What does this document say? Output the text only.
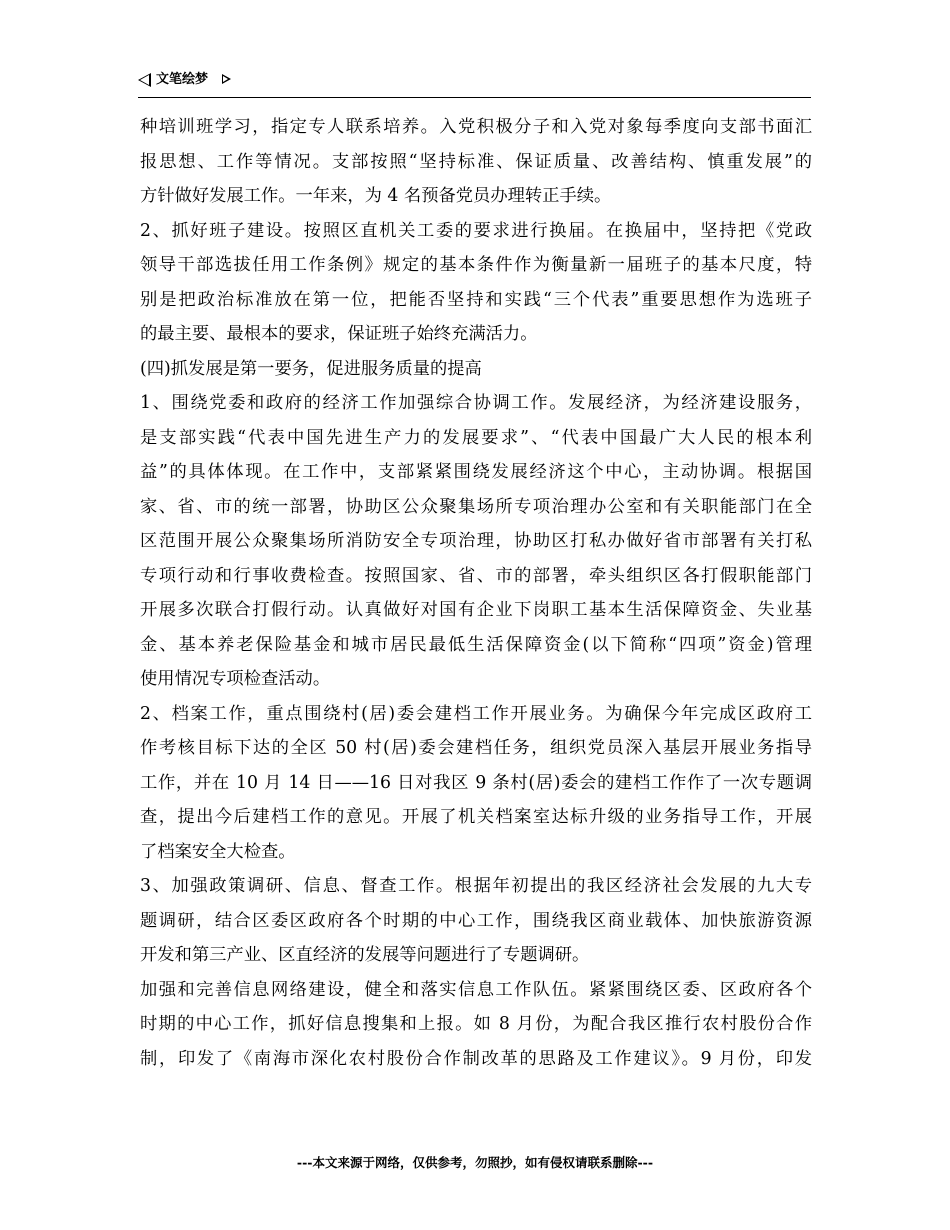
文笔绘梦
种培训班学习，指定专人联系培养。入党积极分子和入党对象每季度向支部书面汇
报思想、工作等情况。支部按照“坚持标准、保证质量、改善结构、慎重发展”的
方针做好发展工作。一年来，为 4 名预备党员办理转正手续。
2、抓好班子建设。按照区直机关工委的要求进行换届。在换届中，坚持把《党政
领导干部选拔任用工作条例》规定的基本条件作为衡量新一届班子的基本尺度，特
别是把政治标准放在第一位，把能否坚持和实践“三个代表”重要思想作为选班子
的最主要、最根本的要求，保证班子始终充满活力。
(四)抓发展是第一要务，促进服务质量的提高
1、围绕党委和政府的经济工作加强综合协调工作。发展经济，为经济建设服务，
是支部实践“代表中国先进生产力的发展要求”、“代表中国最广大人民的根本利
益”的具体体现。在工作中，支部紧紧围绕发展经济这个中心，主动协调。根据国
家、省、市的统一部署，协助区公众聚集场所专项治理办公室和有关职能部门在全
区范围开展公众聚集场所消防安全专项治理，协助区打私办做好省市部署有关打私
专项行动和行事收费检查。按照国家、省、市的部署，牵头组织区各打假职能部门
开展多次联合打假行动。认真做好对国有企业下岗职工基本生活保障资金、失业基
金、基本养老保险基金和城市居民最低生活保障资金(以下简称“四项”资金)管理
使用情况专项检查活动。
2、档案工作，重点围绕村(居)委会建档工作开展业务。为确保今年完成区政府工
作考核目标下达的全区 50 村(居)委会建档任务，组织党员深入基层开展业务指导
工作，并在 10 月 14 日——16 日对我区 9 条村(居)委会的建档工作作了一次专题调
查，提出今后建档工作的意见。开展了机关档案室达标升级的业务指导工作，开展
了档案安全大检查。
3、加强政策调研、信息、督查工作。根据年初提出的我区经济社会发展的九大专
题调研，结合区委区政府各个时期的中心工作，围绕我区商业载体、加快旅游资源
开发和第三产业、区直经济的发展等问题进行了专题调研。
加强和完善信息网络建设，健全和落实信息工作队伍。紧紧围绕区委、区政府各个
时期的中心工作，抓好信息搜集和上报。如 8 月份，为配合我区推行农村股份合作
制，印发了《南海市深化农村股份合作制改革的思路及工作建议》。9 月份，印发
---本文来源于网络，仅供参考，勿照抄，如有侵权请联系删除---
